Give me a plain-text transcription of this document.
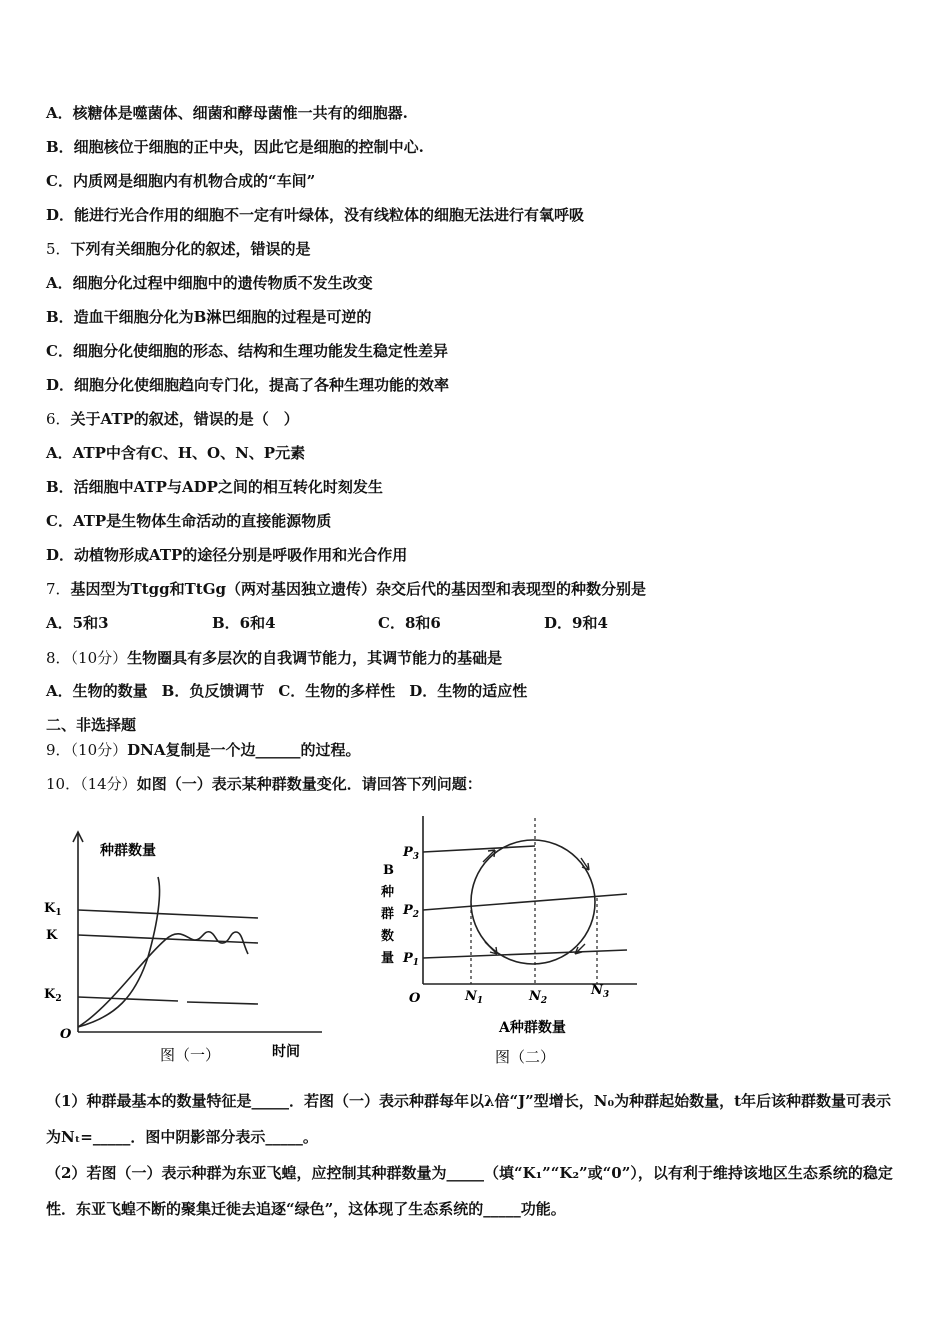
A．核糖体是噬菌体、细菌和酵母菌惟一共有的细胞器.
B．细胞核位于细胞的正中央，因此它是细胞的控制中心.
C．内质网是细胞内有机物合成的“车间”
D．能进行光合作用的细胞不一定有叶绿体，没有线粒体的细胞无法进行有氧呼吸
5．下列有关细胞分化的叙述，错误的是
A．细胞分化过程中细胞中的遗传物质不发生改变
B．造血干细胞分化为B淋巴细胞的过程是可逆的
C．细胞分化使细胞的形态、结构和生理功能发生稳定性差异
D．细胞分化使细胞趋向专门化，提高了各种生理功能的效率
6．关于ATP的叙述，错误的是（　）
A．ATP中含有C、H、O、N、P元素
B．活细胞中ATP与ADP之间的相互转化时刻发生
C．ATP是生物体生命活动的直接能源物质
D．动植物形成ATP的途径分别是呼吸作用和光合作用
7．基因型为Ttgg和TtGg（两对基因独立遗传）杂交后代的基因型和表现型的种数分别是
A．5和3	B．6和4	C．8和6	D．9和4
8．（10分）生物圈具有多层次的自我调节能力，其调节能力的基础是
A．生物的数量 B．负反馈调节 C．生物的多样性 D．生物的适应性
二、非选择题
9．（10分）DNA复制是一个边______的过程。
10．（14分）如图（一）表示某种群数量变化．请回答下列问题：
种群数量
$K_1$
K
$K_2$
O
图（一）	时间
B
种
群
数
量
$P_3$
$P_2$
$P_1$
O	$N_1$	$N_2$
$N_3$
A种群数量
图（二）
（1）种群最基本的数量特征是_____．若图（一）表示种群每年以λ倍“J”型增长，N₀为种群起始数量，t年后该种群数量可表示为Nₜ=_____．图中阴影部分表示_____。
（2）若图（一）表示种群为东亚飞蝗，应控制其种群数量为_____（填“K₁”“K₂”或“0”），以有利于维持该地区生态系统的稳定性．东亚飞蝗不断的聚集迁徙去追逐“绿色”，这体现了生态系统的_____功能。
